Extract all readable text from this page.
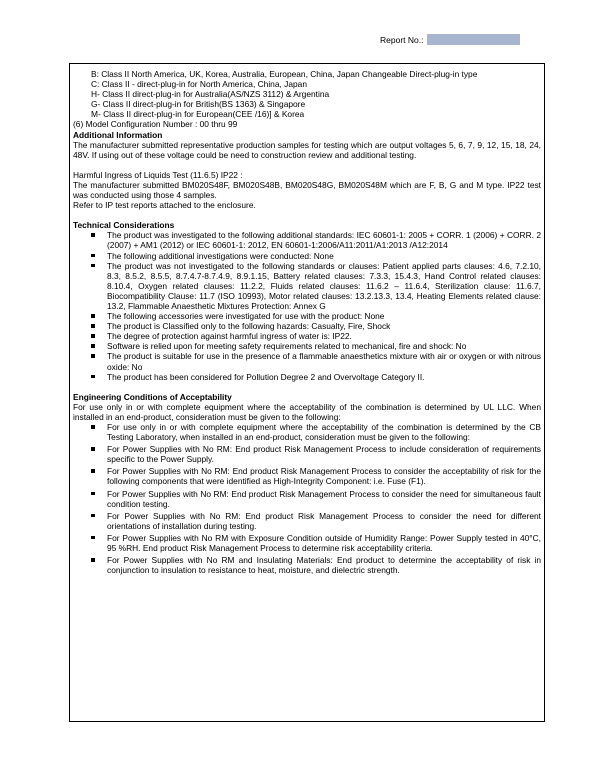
Report No.:
B: Class II North America, UK, Korea, Australia, European, China, Japan Changeable Direct-plug-in type
C: Class II - direct-plug-in for North America, China, Japan
H- Class II direct-plug-in for Australia(AS/NZS 3112) & Argentina
G- Class II direct-plug-in for British(BS 1363) & Singapore
M- Class II direct-plug-in for European(CEE /16)] & Korea
(6) Model Configuration Number : 00 thru 99
Additional Information
The manufacturer submitted representative production samples for testing which are output voltages 5, 6, 7, 9, 12, 15, 18, 24, 48V. If using out of these voltage could be need to construction review and additional testing.
Harmful Ingress of Liquids Test (11.6.5) IP22 :
The manufacturer submitted BM020S48F, BM020S48B, BM020S48G, BM020S48M which are F, B, G and M type. IP22 test was conducted using those 4 samples.
Refer to IP test reports attached to the enclosure.
Technical Considerations
The product was investigated to the following additional standards: IEC 60601-1: 2005 + CORR. 1 (2006) + CORR. 2 (2007) + AM1 (2012) or IEC 60601-1: 2012, EN 60601-1:2006/A11:2011/A1:2013 /A12:2014
The following additional investigations were conducted: None
The product was not investigated to the following standards or clauses: Patient applied parts clauses: 4.6, 7.2.10, 8.3, 8.5.2, 8.5.5, 8.7.4.7-8.7.4.9, 8.9.1.15, Battery related clauses: 7.3.3, 15.4.3, Hand Control related clauses: 8.10.4, Oxygen related clauses: 11.2.2, Fluids related clauses: 11.6.2 – 11.6.4, Sterilization clause: 11.6.7, Biocompatibility Clause: 11.7 (ISO 10993), Motor related clauses: 13.2.13.3, 13.4, Heating Elements related clause: 13.2, Flammable Anaesthetic Mixtures Protection: Annex G
The following accessories were investigated for use with the product: None
The product is Classified only to the following hazards: Casualty, Fire, Shock
The degree of protection against harmful ingress of water is: IP22.
Software is relied upon for meeting safety requirements related to mechanical, fire and shock: No
The product is suitable for use in the presence of a flammable anaesthetics mixture with air or oxygen or with nitrous oxide: No
The product has been considered for Pollution Degree 2 and Overvoltage Category II.
Engineering Conditions of Acceptability
For use only in or with complete equipment where the acceptability of the combination is determined by UL LLC. When installed in an end-product, consideration must be given to the following:
For use only in or with complete equipment where the acceptability of the combination is determined by the CB Testing Laboratory, when installed in an end-product, consideration must be given to the following:
For Power Supplies with No RM: End product Risk Management Process to include consideration of requirements specific to the Power Supply.
For Power Supplies with No RM: End product Risk Management Process to consider the acceptability of risk for the following components that were identified as High-Integrity Component: i.e. Fuse (F1).
For Power Supplies with No RM: End product Risk Management Process to consider the need for simultaneous fault condition testing.
For Power Supplies with No RM: End product Risk Management Process to consider the need for different orientations of installation during testing.
For Power Supplies with No RM with Exposure Condition outside of Humidity Range: Power Supply tested in 40°C, 95 %RH. End product Risk Management Process to determine risk acceptability criteria.
For Power Supplies with No RM and Insulating Materials: End product to determine the acceptability of risk in conjunction to insulation to resistance to heat, moisture, and dielectric strength.
